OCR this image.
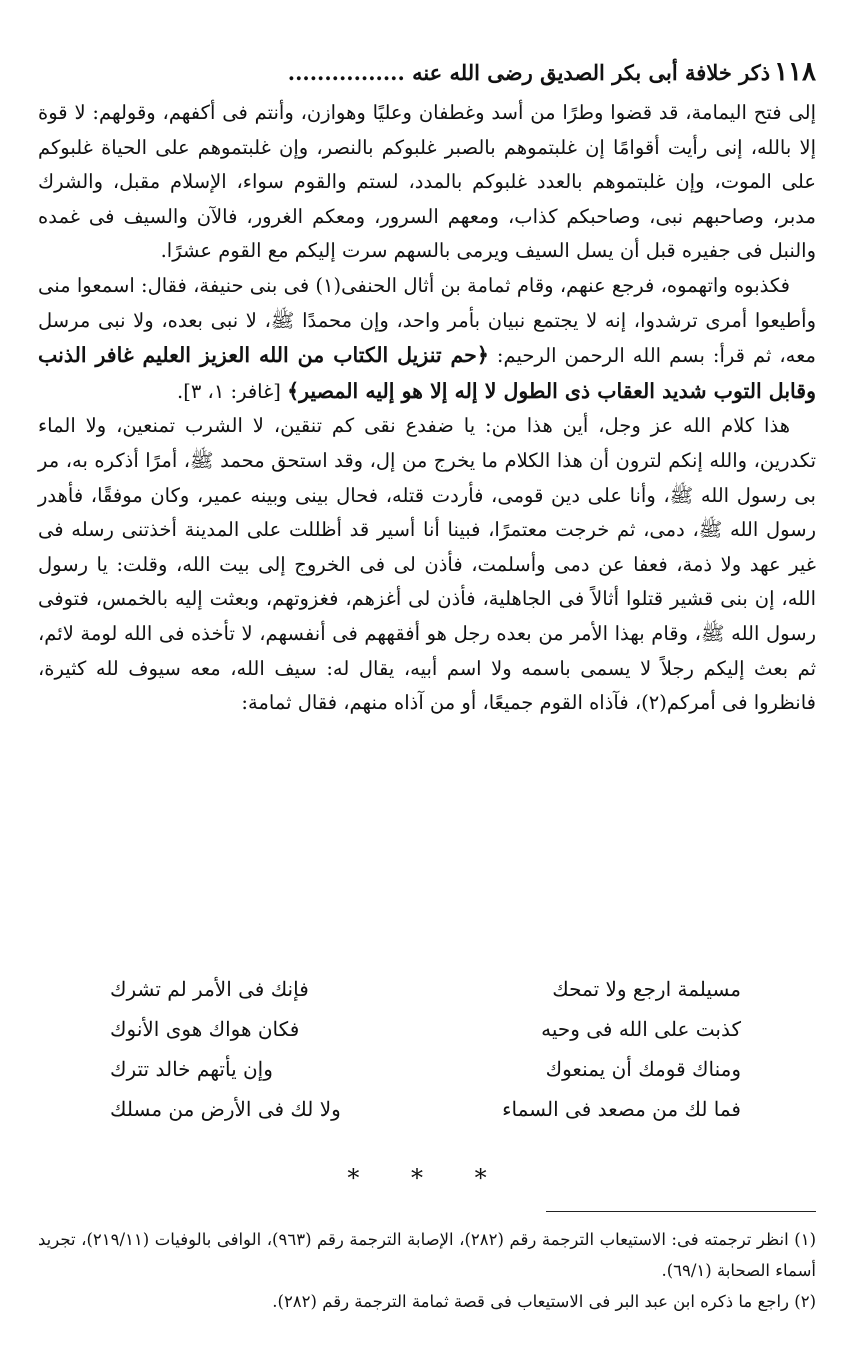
١١٨
ذكر خلافة أبى بكر الصديق رضى الله عنه ................

إلى فتح اليمامة، قد قضوا وطرًا من أسد وغطفان وعليًا وهوازن، وأنتم فى أكفهم، وقولهم: لا قوة إلا بالله، إنى رأيت أقوامًا إن غلبتموهم بالصبر غلبوكم بالنصر، وإن غلبتموهم على الحياة غلبوكم على الموت، وإن غلبتموهم بالعدد غلبوكم بالمدد، لستم والقوم سواء، الإسلام مقبل، والشرك مدبر، وصاحبهم نبى، وصاحبكم كذاب، ومعهم السرور، ومعكم الغرور، فالآن والسيف فى غمده والنبل فى جفيره قبل أن يسل السيف ويرمى بالسهم سرت إليكم مع القوم عشرًا.

فكذبوه واتهموه، فرجع عنهم، وقام ثمامة بن أثال الحنفى(١) فى بنى حنيفة، فقال: اسمعوا منى وأطيعوا أمرى ترشدوا، إنه لا يجتمع نبيان بأمر واحد، وإن محمدًا ﷺ، لا نبى بعده، ولا نبى مرسل معه، ثم قرأ: بسم الله الرحمن الرحيم: ﴿حم تنزيل الكتاب من الله العزيز العليم غافر الذنب وقابل التوب شديد العقاب ذى الطول لا إله إلا هو إليه المصير﴾ [غافر: ١، ٣].

هذا كلام الله عز وجل، أين هذا من: يا ضفدع نقى كم تنقين، لا الشرب تمنعين، ولا الماء تكدرين، والله إنكم لترون أن هذا الكلام ما يخرج من إل، وقد استحق محمد ﷺ، أمرًا أذكره به، مر بى رسول الله ﷺ، وأنا على دين قومى، فأردت قتله، فحال بينى وبينه عمير، وكان موفقًا، فأهدر رسول الله ﷺ، دمى، ثم خرجت معتمرًا، فبينا أنا أسير قد أظللت على المدينة أخذتنى رسله فى غير عهد ولا ذمة، فعفا عن دمى وأسلمت، فأذن لى فى الخروج إلى بيت الله، وقلت: يا رسول الله، إن بنى قشير قتلوا أثالاً فى الجاهلية، فأذن لى أغزهم، فغزوتهم، وبعثت إليه بالخمس، فتوفى رسول الله ﷺ، وقام بهذا الأمر من بعده رجل هو أفقههم فى أنفسهم، لا تأخذه فى الله لومة لائم، ثم بعث إليكم رجلاً لا يسمى باسمه ولا اسم أبيه، يقال له: سيف الله، معه سيوف لله كثيرة، فانظروا فى أمركم(٢)، فآذاه القوم جميعًا، أو من آذاه منهم، فقال ثمامة:

مسيلمة ارجع ولا تمحك
فإنك فى الأمر لم تشرك
كذبت على الله فى وحيه
فكان هواك هوى الأنوك
ومناك قومك أن يمنعوك
وإن يأتهم خالد تترك
فما لك من مصعد فى السماء
ولا لك فى الأرض من مسلك
* * *

(١) انظر ترجمته فى: الاستيعاب الترجمة رقم (٢٨٢)، الإصابة الترجمة رقم (٩٦٣)، الوافى بالوفيات (٢١٩/١١)، تجريد أسماء الصحابة (٦٩/١).

(٢) راجع ما ذكره ابن عبد البر فى الاستيعاب فى قصة ثمامة الترجمة رقم (٢٨٢).
